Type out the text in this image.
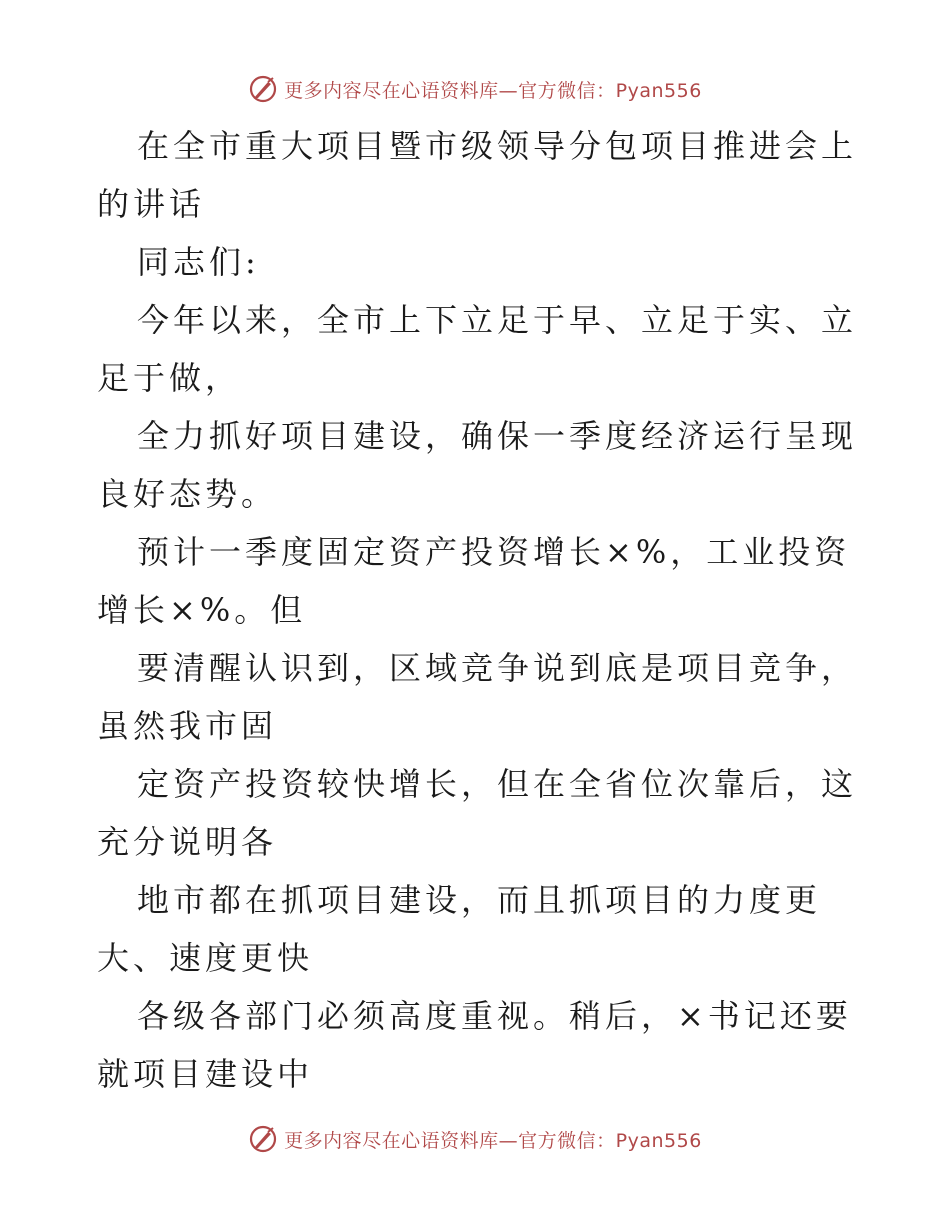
更多内容尽在心语资料库—官方微信：Pyan556

在全市重大项目暨市级领导分包项目推进会上的讲话

同志们:

今年以来，全市上下立足于早、立足于实、立足于做，

全力抓好项目建设，确保一季度经济运行呈现良好态势。

预计一季度固定资产投资增长×%，工业投资增长×%。但

要清醒认识到，区域竞争说到底是项目竞争，虽然我市固

定资产投资较快增长，但在全省位次靠后，这充分说明各

地市都在抓项目建设，而且抓项目的力度更大、速度更快

各级各部门必须高度重视。稍后，×书记还要就项目建设中

更多内容尽在心语资料库—官方微信：Pyan556
